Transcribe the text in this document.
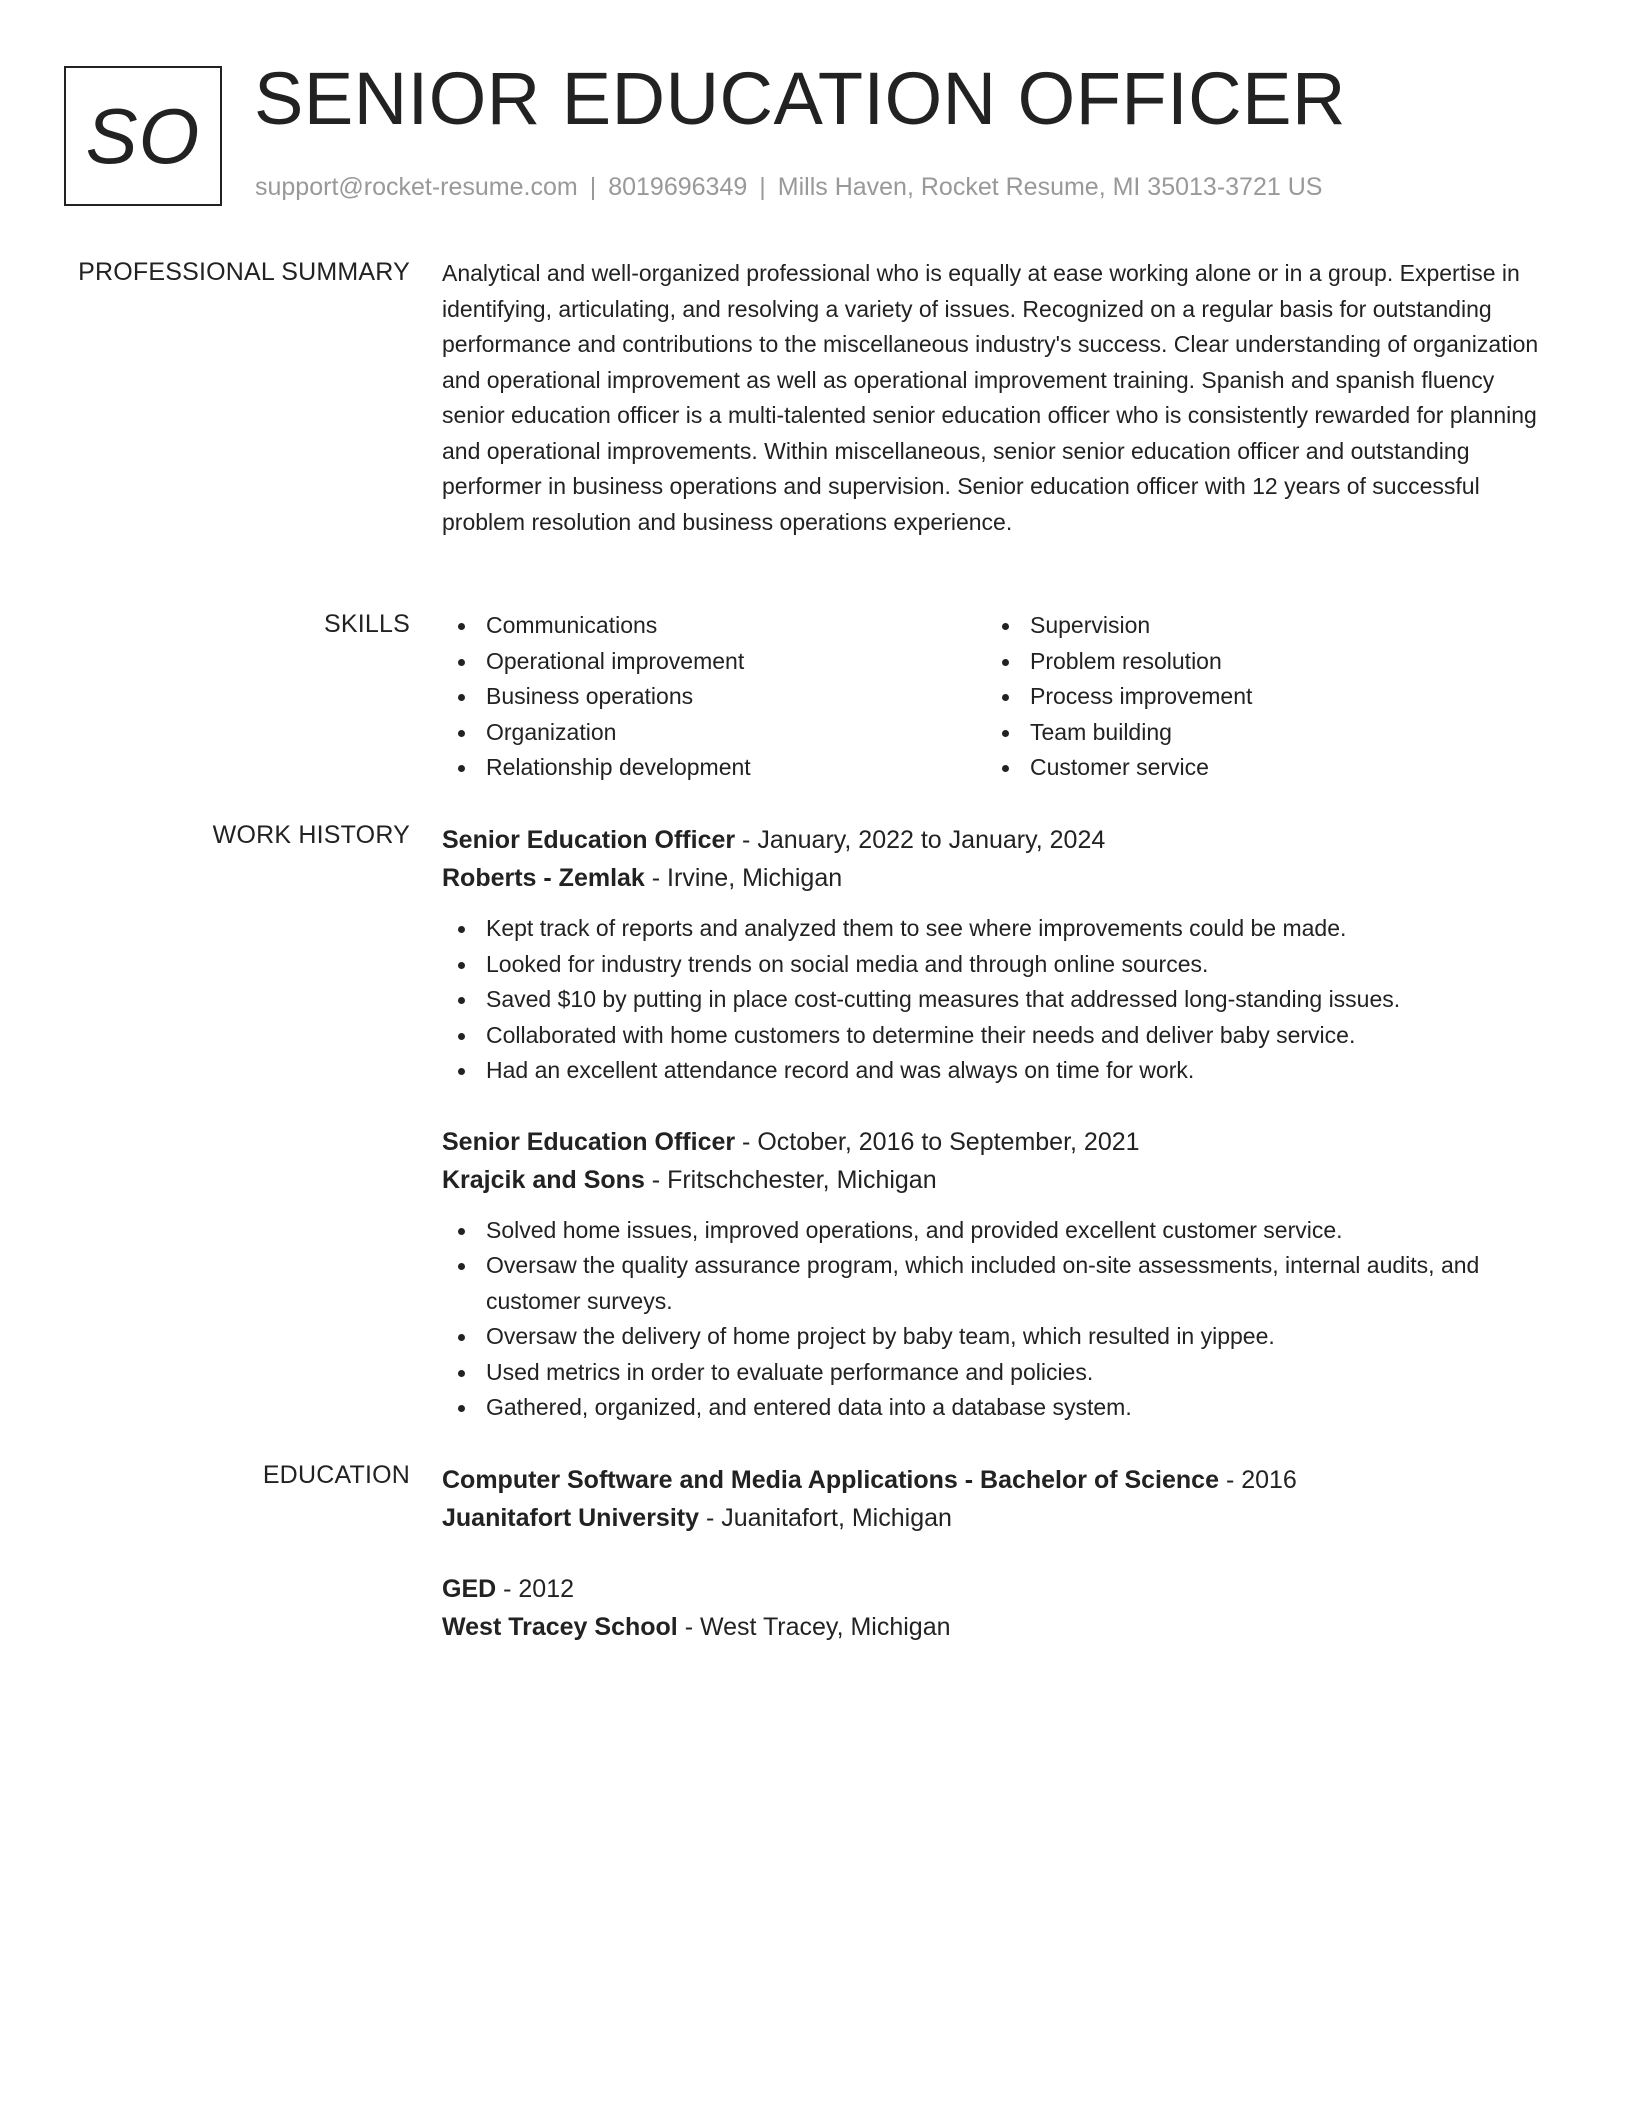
SO SENIOR EDUCATION OFFICER
support@rocket-resume.com | 8019696349 | Mills Haven, Rocket Resume, MI 35013-3721 US
PROFESSIONAL SUMMARY Analytical and well-organized professional who is equally at ease working alone or in a group. Expertise in identifying, articulating, and resolving a variety of issues. Recognized on a regular basis for outstanding performance and contributions to the miscellaneous industry's success. Clear understanding of organization and operational improvement as well as operational improvement training. Spanish and spanish fluency senior education officer is a multi-talented senior education officer who is consistently rewarded for planning and operational improvements. Within miscellaneous, senior senior education officer and outstanding performer in business operations and supervision. Senior education officer with 12 years of successful problem resolution and business operations experience.

SKILLS	Communications
Operational improvement
Business operations
Organization
Relationship development
Supervision
Problem resolution
Process improvement
Team building
Customer service
WORK HISTORY Senior Education Officer - January, 2022 to January, 2024
Roberts - Zemlak - Irvine, Michigan
Kept track of reports and analyzed them to see where improvements could be made.
Looked for industry trends on social media and through online sources.
Saved $10 by putting in place cost-cutting measures that addressed long-standing issues.
Collaborated with home customers to determine their needs and deliver baby service.
Had an excellent attendance record and was always on time for work.
Senior Education Officer - October, 2016 to September, 2021
Krajcik and Sons - Fritschchester, Michigan
Solved home issues, improved operations, and provided excellent customer service.
Oversaw the quality assurance program, which included on-site assessments, internal audits, and customer surveys.
Oversaw the delivery of home project by baby team, which resulted in yippee.
Used metrics in order to evaluate performance and policies.
Gathered, organized, and entered data into a database system.
EDUCATION Computer Software and Media Applications - Bachelor of Science - 2016
Juanitafort University - Juanitafort, Michigan
GED - 2012
West Tracey School - West Tracey, Michigan
